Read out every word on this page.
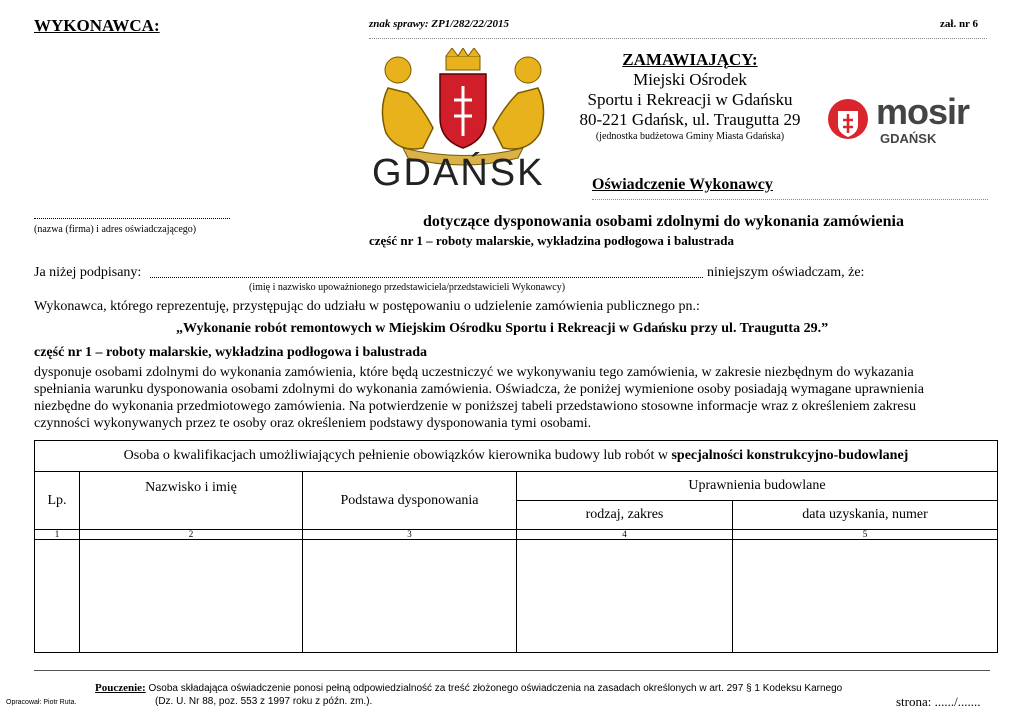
WYKONAWCA:	znak sprawy: ZP1/282/22/2015	zał. nr 6
GDAŃSK
ZAMAWIAJĄCY:
Miejski Ośrodek
Sportu i Rekreacji w Gdańsku
80-221 Gdańsk, ul. Traugutta 29
(jednostka budżetowa Gminy Miasta Gdańska)
mosir
GDAŃSK
Oświadczenie Wykonawcy
(nazwa (firma) i adres oświadczającego)	dotyczące dysponowania osobami zdolnymi do wykonania zamówienia
część nr 1 – roboty malarskie, wykładzina podłogowa i balustrada
Ja niżej podpisany:	niniejszym oświadczam, że:
(imię i nazwisko upoważnionego przedstawiciela/przedstawicieli Wykonawcy)
Wykonawca, którego reprezentuję, przystępując do udziału w postępowaniu o udzielenie zamówienia publicznego pn.:
„Wykonanie robót remontowych w Miejskim Ośrodku Sportu i Rekreacji w Gdańsku przy ul. Traugutta 29.”
część nr 1 – roboty malarskie, wykładzina podłogowa i balustrada
dysponuje osobami zdolnymi do wykonania zamówienia, które będą uczestniczyć we wykonywaniu tego zamówienia, w zakresie niezbędnym do wykazania
spełniania warunku dysponowania osobami zdolnymi do wykonania zamówienia. Oświadcza, że poniżej wymienione osoby posiadają wymagane uprawnienia
niezbędne do wykonania przedmiotowego zamówienia. Na potwierdzenie w poniższej tabeli przedstawiono stosowne informacje wraz z określeniem zakresu
czynności wykonywanych przez te osoby oraz określeniem podstawy dysponowania tymi osobami.
Osoba o kwalifikacjach umożliwiających pełnienie obowiązków kierownika budowy lub robót w specjalności konstrukcyjno-budowlanej				
Lp.	Nazwisko i imię	Podstawa dysponowania	Uprawnienia budowlane	
			rodzaj, zakres	data uzyskania, numer
1	2	3	4	5

Pouczenie: Osoba składająca oświadczenie ponosi pełną odpowiedzialność za treść złożonego oświadczenia na zasadach określonych w art. 297 § 1 Kodeksu Karnego
Opracował: Piotr Ruta.	(Dz. U. Nr 88, poz. 553 z 1997 roku z późn. zm.).	strona: ....../.......
